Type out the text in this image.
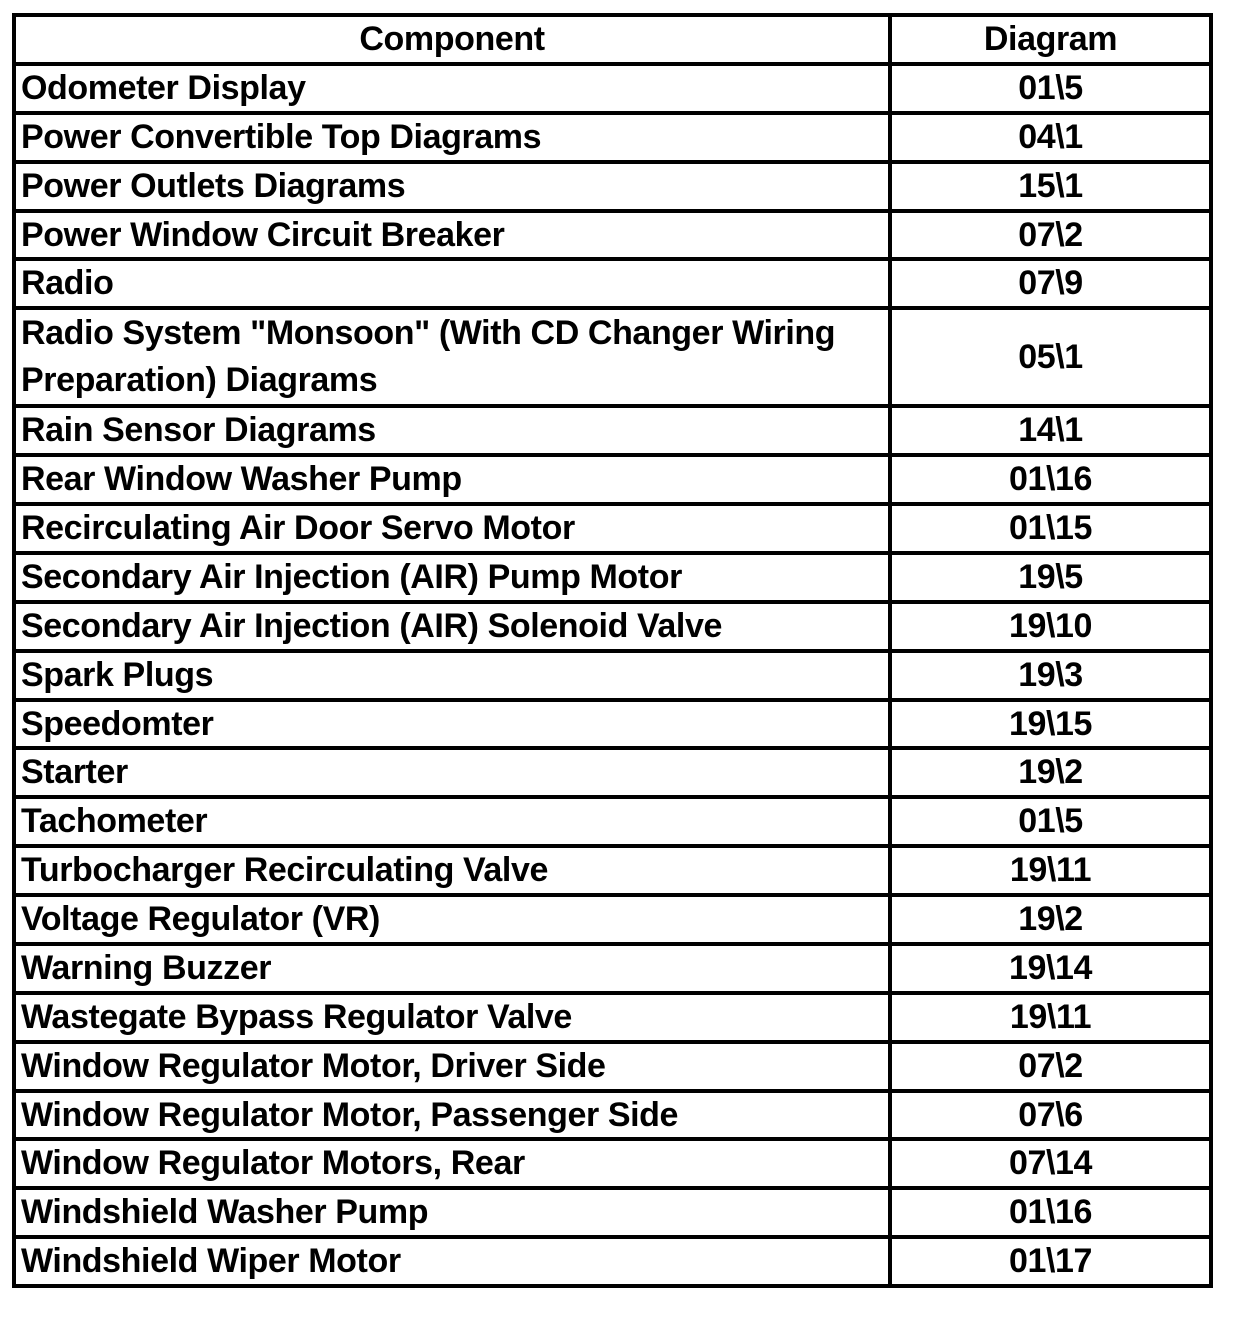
Component	Diagram
Odometer Display	01\5
Power Convertible Top Diagrams	04\1
Power Outlets Diagrams	15\1
Power Window Circuit Breaker	07\2
Radio	07\9
Radio System "Monsoon" (With CD Changer Wiring Preparation) Diagrams	05\1
Rain Sensor Diagrams	14\1
Rear Window Washer Pump	01\16
Recirculating Air Door Servo Motor	01\15
Secondary Air Injection (AIR) Pump Motor	19\5
Secondary Air Injection (AIR) Solenoid Valve	19\10
Spark Plugs	19\3
Speedomter	19\15
Starter	19\2
Tachometer	01\5
Turbocharger Recirculating Valve	19\11
Voltage Regulator (VR)	19\2
Warning Buzzer	19\14
Wastegate Bypass Regulator Valve	19\11
Window Regulator Motor, Driver Side	07\2
Window Regulator Motor, Passenger Side	07\6
Window Regulator Motors, Rear	07\14
Windshield Washer Pump	01\16
Windshield Wiper Motor	01\17
